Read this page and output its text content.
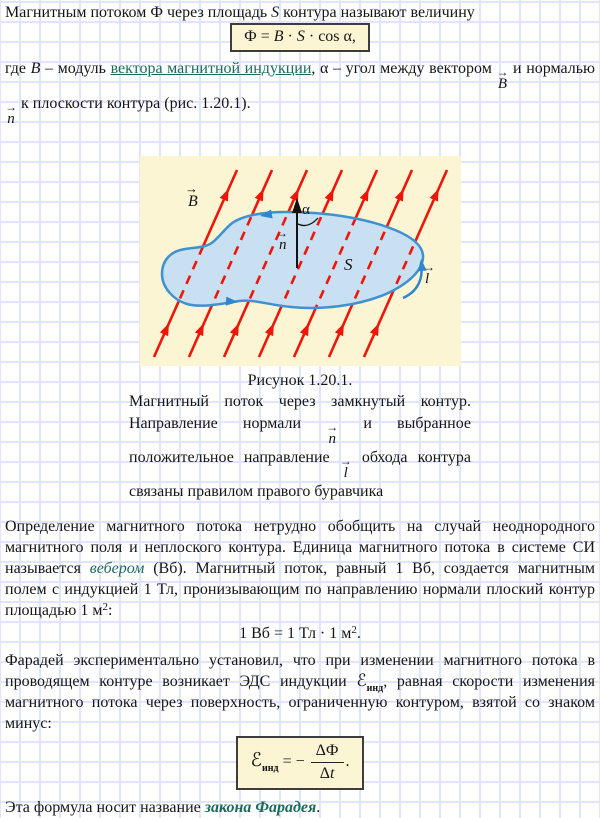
Магнитным потоком Ф через площадь S контура называют величину

Ф = B · S · cos α,

где B – модуль вектора магнитной индукции, α – угол между вектором →
B
и нормалью
→
n
к плоскости контура (рис. 1.20.1).

B
→
α
n
→
S
l
→
Рисунок 1.20.1.

Магнитный поток через замкнутый контур. Направление нормали →
n
и выбранное положительное направление →
l
обхода контура связаны правилом правого буравчика

Определение магнитного потока нетрудно обобщить на случай неоднородного магнитного поля и неплоского контура. Единица магнитного потока в системе СИ называется вебером (Вб). Магнитный поток, равный 1 Вб, создается магнитным полем с индукцией 1 Тл, пронизывающим по направлению нормали плоский контур площадью 1 $м^2$:

1 Вб = 1 Тл · 1 $м^2$.

Фарадей экспериментально установил, что при изменении магнитного потока в проводящем контуре возникает ЭДС индукции ℰ$_{инд}$, равная скорости изменения магнитного потока через поверхность, ограниченную контуром, взятой со знаком минус:

ℰ$_{инд}$ = − $\frac{\Delta Ф}{\Delta t}$ .

Эта формула носит название закона Фарадея.
